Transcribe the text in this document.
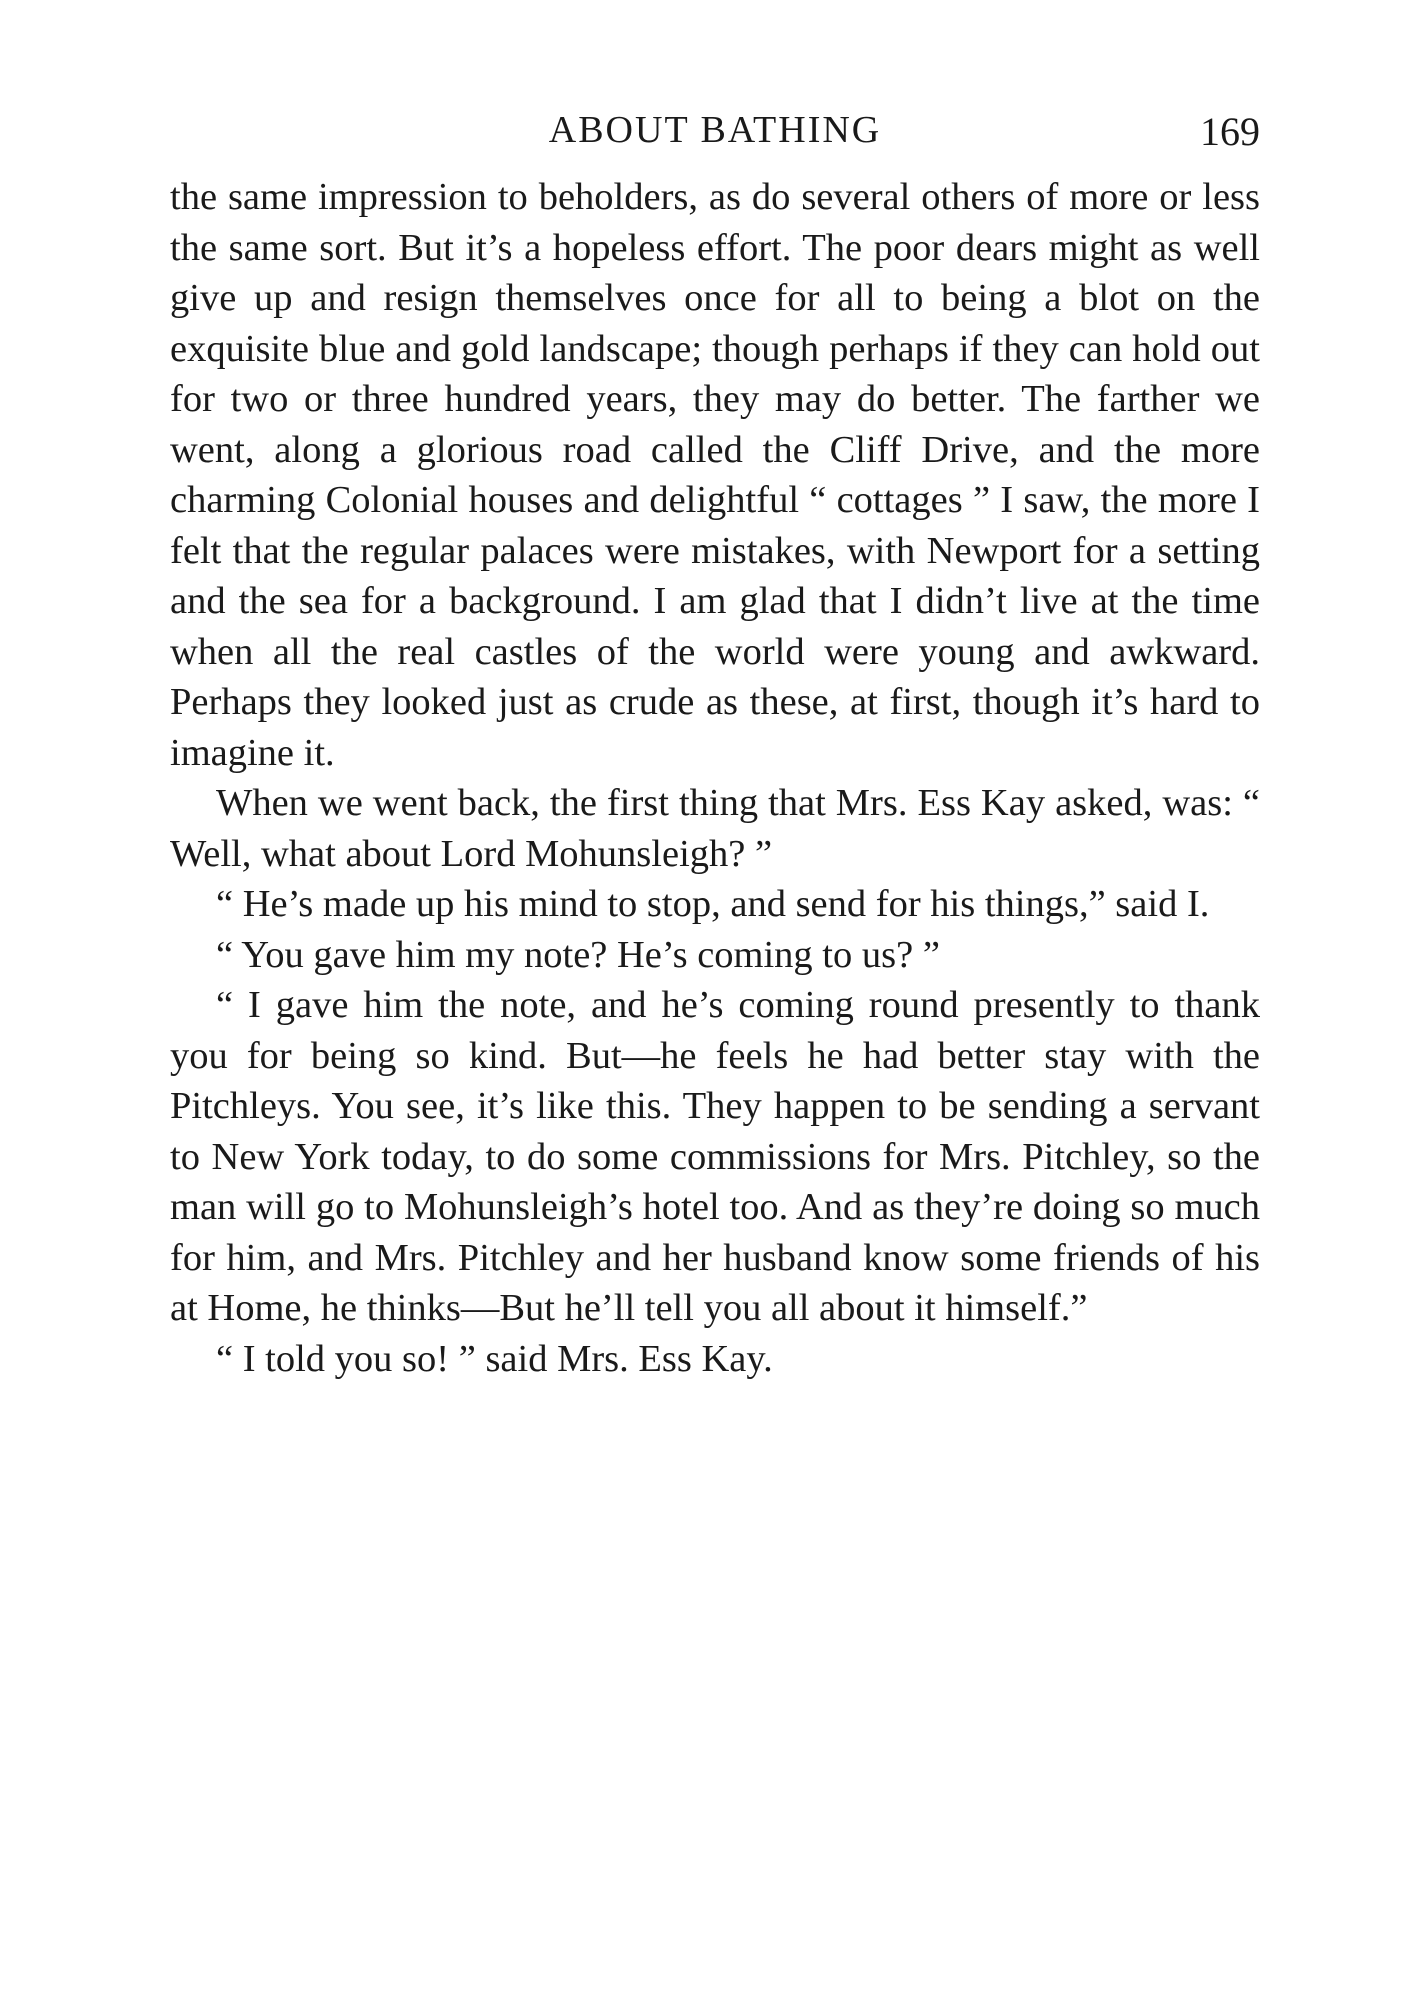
ABOUT BATHING	169

the same impression to beholders, as do several others of more or less the same sort. But it’s a hopeless effort. The poor dears might as well give up and resign themselves once for all to being a blot on the exquisite blue and gold landscape; though perhaps if they can hold out for two or three hundred years, they may do better. The farther we went, along a glorious road called the Cliff Drive, and the more charming Colonial houses and delightful “ cottages ” I saw, the more I felt that the regular palaces were mistakes, with Newport for a setting and the sea for a background. I am glad that I didn’t live at the time when all the real castles of the world were young and awkward. Perhaps they looked just as crude as these, at first, though it’s hard to imagine it.

When we went back, the first thing that Mrs. Ess Kay asked, was: “ Well, what about Lord Mohunsleigh? ”

“ He’s made up his mind to stop, and send for his things,” said I.

“ You gave him my note? He’s coming to us? ”

“ I gave him the note, and he’s coming round presently to thank you for being so kind. But—he feels he had better stay with the Pitchleys. You see, it’s like this. They happen to be sending a servant to New York today, to do some commissions for Mrs. Pitchley, so the man will go to Mohunsleigh’s hotel too. And as they’re doing so much for him, and Mrs. Pitchley and her husband know some friends of his at Home, he thinks—But he’ll tell you all about it himself.”

“ I told you so! ” said Mrs. Ess Kay.
